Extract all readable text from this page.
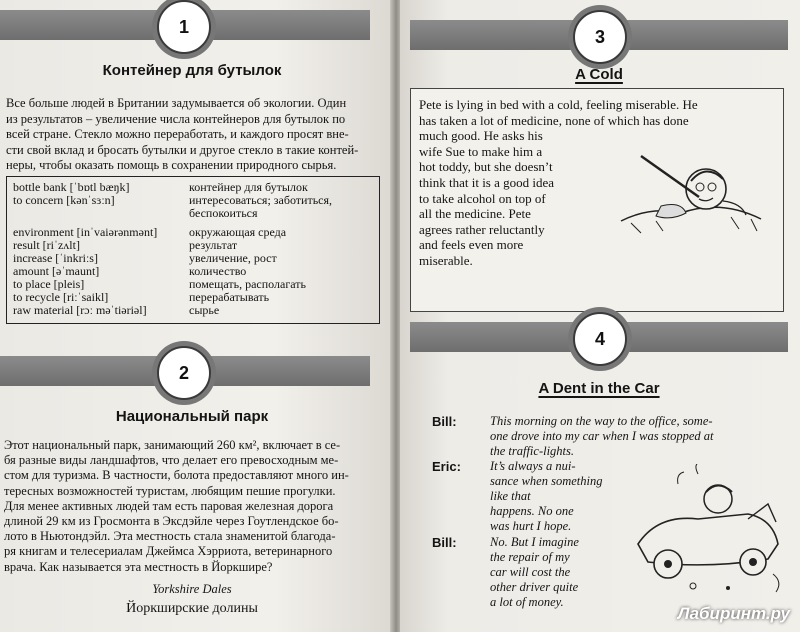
1
Контейнер для бутылок
Все больше людей в Британии задумывается об экологии. Один
из результатов – увеличение числа контейнеров для бутылок по
всей стране. Стекло можно переработать, и каждого просят вне-
сти свой вклад и бросать бутылки и другое стекло в такие контей-
неры, чтобы оказать помощь в сохранении природного сырья.
bottle bank [ˈbɒtl bæŋk]	контейнер для бутылок
to concern [kənˈsɜːn]	интересоваться; заботиться,
беспокоиться
environment [inˈvaiərənmənt]	окружающая среда
result [riˈzʌlt]	результат
increase [ˈinkriːs]	увеличение, рост
amount [əˈmaunt]	количество
to place [pleis]	помещать, располагать
to recycle [riːˈsaikl]	перерабатывать
raw material [rɔː məˈtiəriəl]	сырье
2
Национальный парк
Этот национальный парк, занимающий 260 км², включает в се-
бя разные виды ландшафтов, что делает его превосходным ме-
стом для туризма. В частности, болота предоставляют много ин-
тересных возможностей туристам, любящим пешие прогулки.
Для менее активных людей там есть паровая железная дорога
длиной 29 км из Гросмонта в Эксдэйле через Гоутлендское бо-
лото в Ньютондэйл. Эта местность стала знаменитой благода-
ря книгам и телесериалам Джеймса Хэрриота, ветеринарного
врача. Как называется эта местность в Йоркшире?
Yorkshire Dales
Йоркширские долины
3
A Cold
Pete is lying in bed with a cold, feeling miserable. He
has taken a lot of medicine, none of which has done
much good. He asks his
wife Sue to make him a
hot toddy, but she doesn’t
think that it is a good idea
to take alcohol on top of
all the medicine. Pete
agrees rather reluctantly
and feels even more
miserable.
4
A Dent in the Car
Bill:	This morning on the way to the office, some-
one drove into my car when I was stopped at
the traffic-lights.
Eric: It’s always a nui-
sance when something
like that
happens. No one
was hurt I hope.
Bill:	No. But I imagine
the repair of my
car will cost the
other driver quite
a lot of money.
Лабиринт.ру
